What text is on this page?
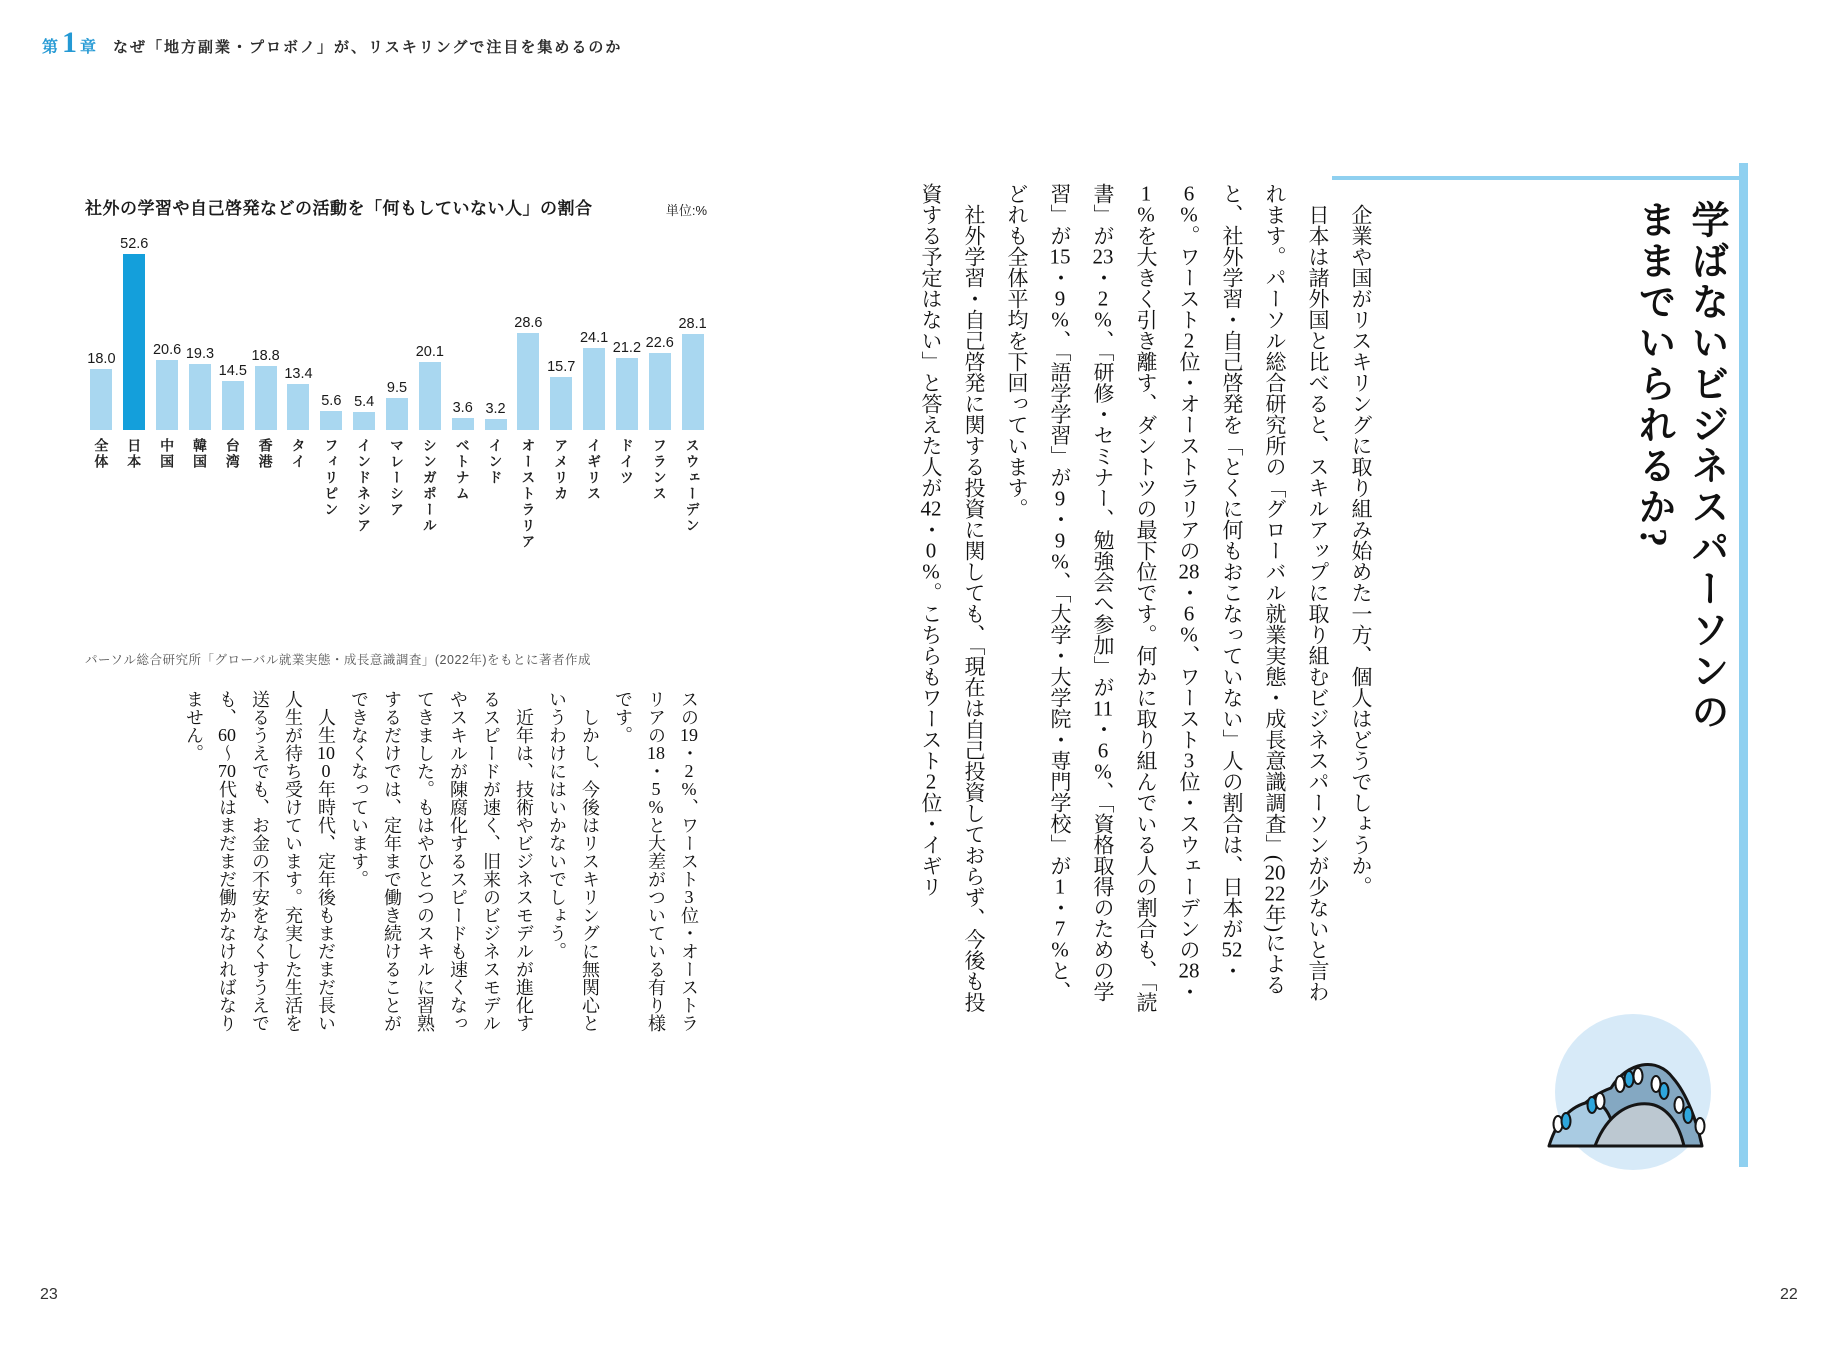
第 1 章 なぜ「地方副業・プロボノ」が、リスキリングで注目を集めるのか
社外の学習や自己啓発などの活動を「何もしていない人」の割合	単位:%
18.0
全体
52.6
日本
20.6
中国
19.3
韓国
14.5
台湾
18.8
香港
13.4
タイ
5.6
フィリピン
5.4
インドネシア
9.5
マレーシア
20.1
シンガポール
3.6
ベトナム
3.2
インド
28.6
オーストラリア
15.7
アメリカ
24.1
イギリス
21.2
ドイツ
22.6
フランス
28.1
スウェーデン
パーソル総合研究所「グローバル就業実態・成長意識調査」(2022年)をもとに著者作成

スの19・2%、ワースト3位・オーストラリアの18・5%と大差がついている有り様です。

しかし、今後はリスキリングに無関心というわけにはいかないでしょう。

近年は、技術やビジネスモデルが進化するスピードが速く、旧来のビジネスモデルやスキルが陳腐化するスピードも速くなってきました。もはやひとつのスキルに習熟するだけでは、定年まで働き続けることができなくなっています。

人生100年時代、定年後もまだまだ長い人生が待ち受けています。充実した生活を送るうえでも、お金の不安をなくすうえでも、60〜70代はまだまだ働かなければなりません。

23
学ばないビジネスパーソンの
ままでいられるか?

企業や国がリスキリングに取り組み始めた一方、個人はどうでしょうか。

日本は諸外国と比べると、スキルアップに取り組むビジネスパーソンが少ないと言われます。パーソル総合研究所の「グローバル就業実態・成長意識調査」(2022年)によると、社外学習・自己啓発を「とくに何もおこなっていない」人の割合は、日本が52・6%。ワースト2位・オーストラリアの28・6%、ワースト3位・スウェーデンの28・1%を大きく引き離す、ダントツの最下位です。何かに取り組んでいる人の割合も、「読書」が23・2%、「研修・セミナー、勉強会へ参加」が11・6%、「資格取得のための学習」が15・9%、「語学学習」が9・9%、「大学・大学院・専門学校」が1・7%と、どれも全体平均を下回っています。

社外学習・自己啓発に関する投資に関しても、「現在は自己投資しておらず、今後も投資する予定はない」と答えた人が42・0%。こちらもワースト2位・イギリ

22
